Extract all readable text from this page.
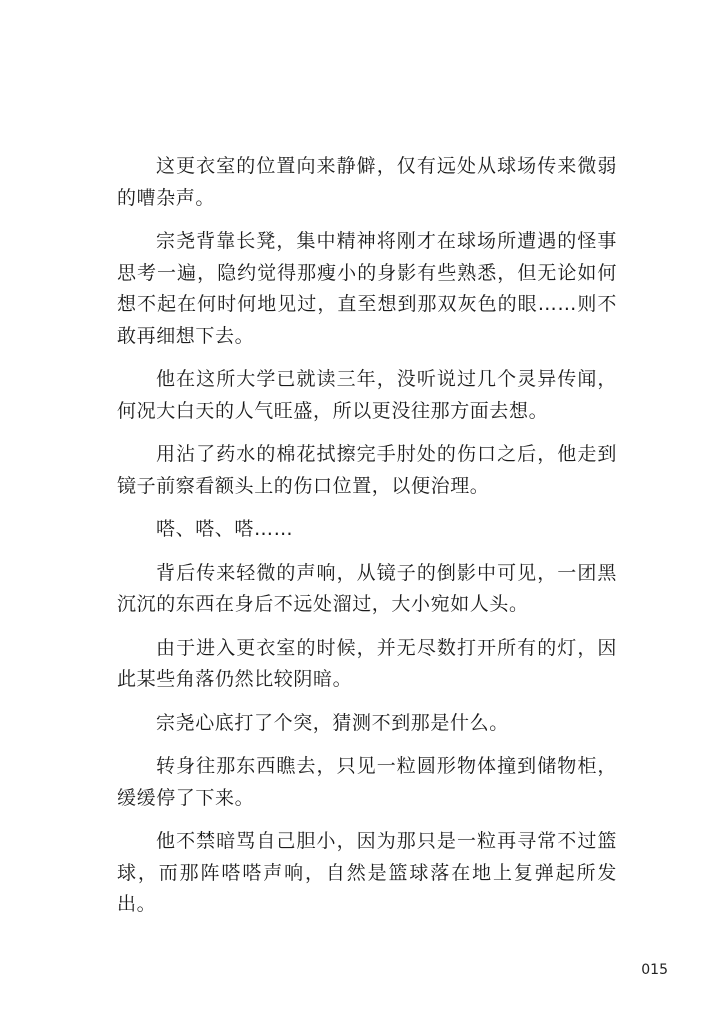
这更衣室的位置向来静僻，仅有远处从球场传来微弱的嘈杂声。

宗尧背靠长凳，集中精神将刚才在球场所遭遇的怪事思考一遍，隐约觉得那瘦小的身影有些熟悉，但无论如何想不起在何时何地见过，直至想到那双灰色的眼……则不敢再细想下去。

他在这所大学已就读三年，没听说过几个灵异传闻，何况大白天的人气旺盛，所以更没往那方面去想。

用沾了药水的棉花拭擦完手肘处的伤口之后，他走到镜子前察看额头上的伤口位置，以便治理。

嗒、嗒、嗒……

背后传来轻微的声响，从镜子的倒影中可见，一团黑沉沉的东西在身后不远处溜过，大小宛如人头。

由于进入更衣室的时候，并无尽数打开所有的灯，因此某些角落仍然比较阴暗。

宗尧心底打了个突，猜测不到那是什么。

转身往那东西瞧去，只见一粒圆形物体撞到储物柜，缓缓停了下来。

他不禁暗骂自己胆小，因为那只是一粒再寻常不过篮球，而那阵嗒嗒声响，自然是篮球落在地上复弹起所发出。

015
